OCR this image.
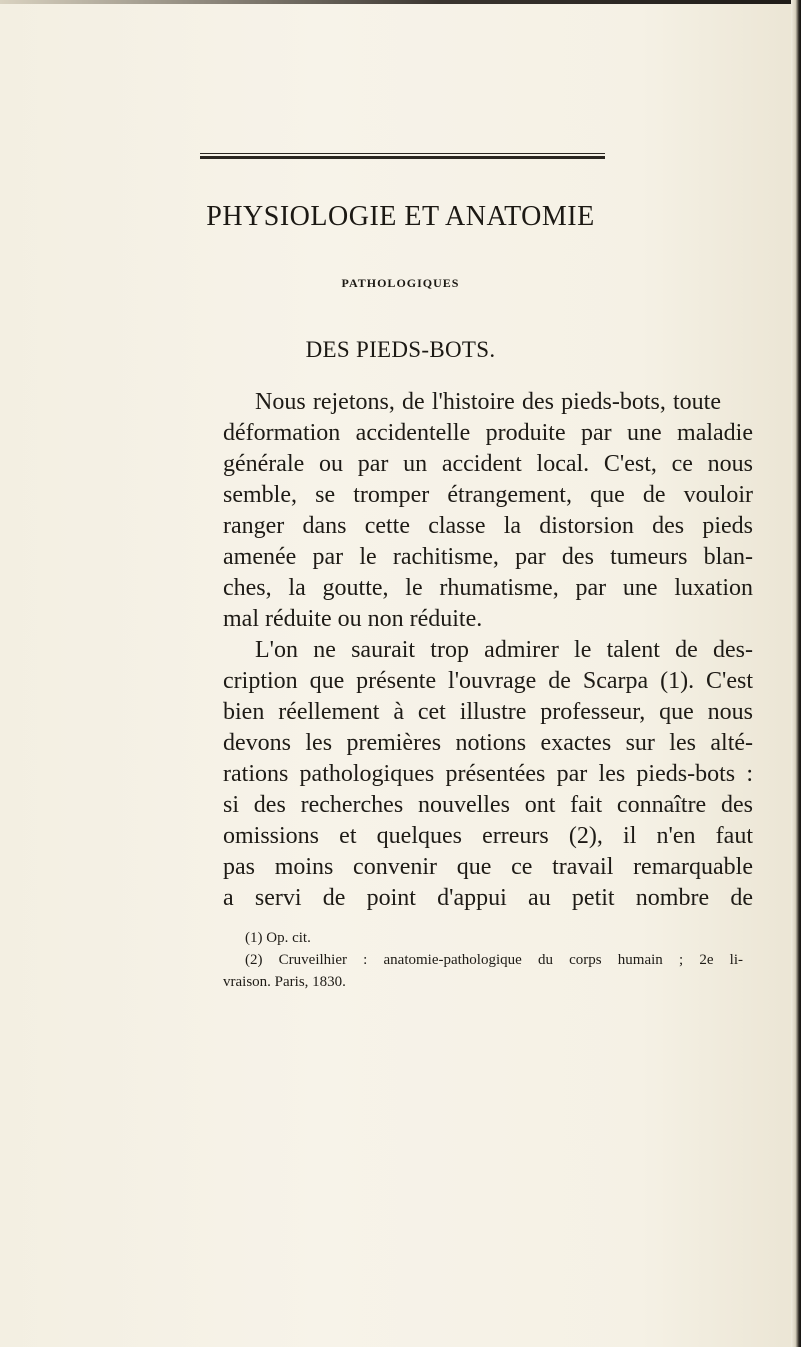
PHYSIOLOGIE ET ANATOMIE
PATHOLOGIQUES
DES PIEDS-BOTS.
Nous rejetons, de l'histoire des pieds-bots, toute
déformation accidentelle produite par une maladie
générale ou par un accident local. C'est, ce nous
semble, se tromper étrangement, que de vouloir
ranger dans cette classe la distorsion des pieds
amenée par le rachitisme, par des tumeurs blan-
ches, la goutte, le rhumatisme, par une luxation
mal réduite ou non réduite.
L'on ne saurait trop admirer le talent de des-
cription que présente l'ouvrage de Scarpa (1). C'est
bien réellement à cet illustre professeur, que nous
devons les premières notions exactes sur les alté-
rations pathologiques présentées par les pieds-bots :
si des recherches nouvelles ont fait connaître des
omissions et quelques erreurs (2), il n'en faut
pas moins convenir que ce travail remarquable
a servi de point d'appui au petit nombre de
(1) Op. cit.
(2) Cruveilhier : anatomie-pathologique du corps humain ; 2e li-
vraison. Paris, 1830.
